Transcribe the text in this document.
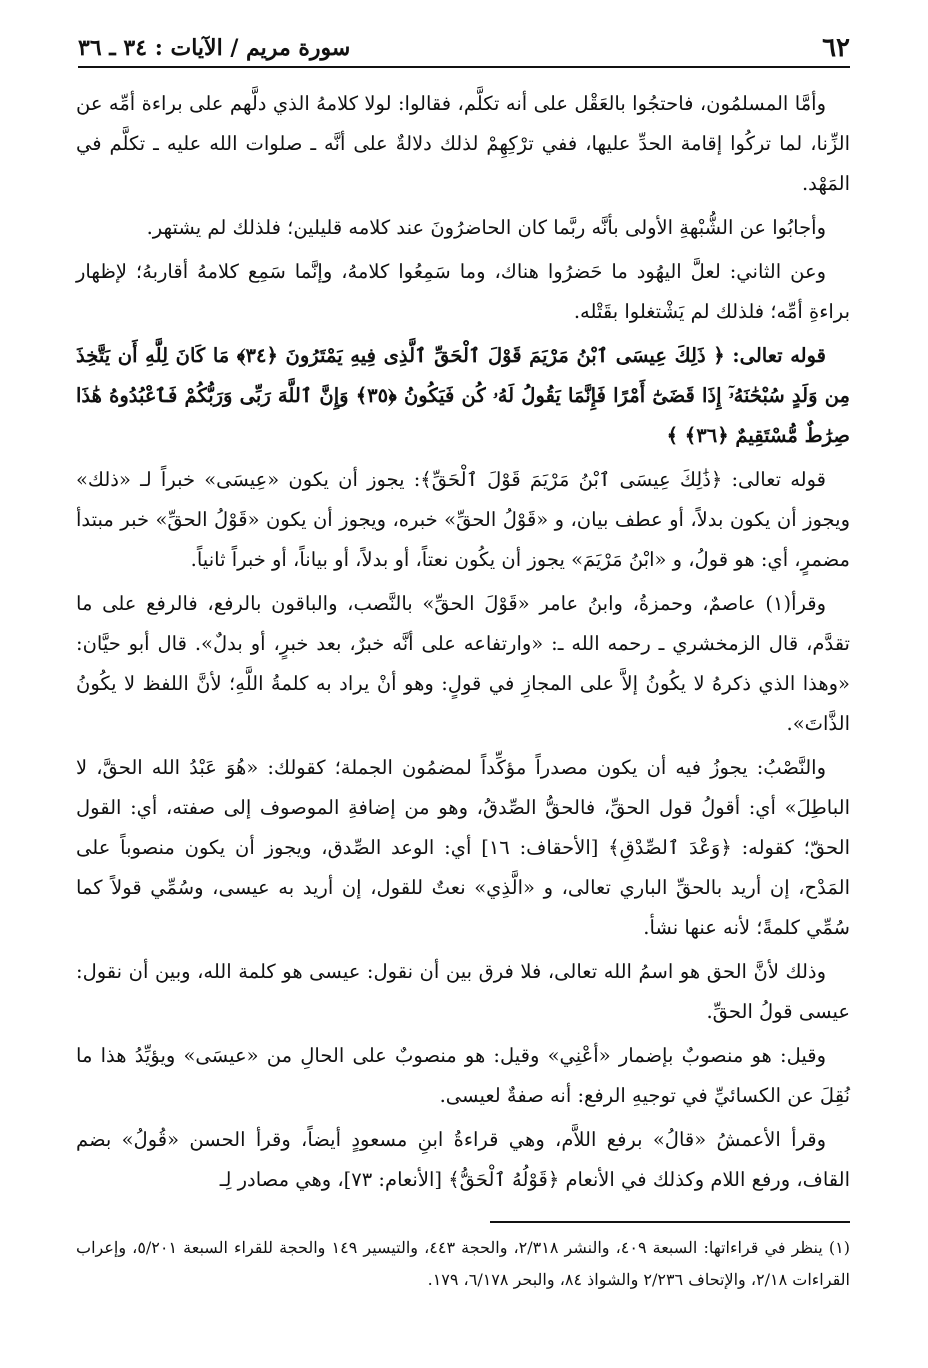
٦٢
سورة مريم / الآيات : ٣٤ ـ ٣٦

وأمَّا المسلمُون، فاحتجُوا بالعَقْل على أنه تكلَّم، فقالوا: لولا كلامهُ الذي دلَّهم على براءة أمِّه عن الزِّنا، لما تركُوا إقامة الحدِّ عليها، ففي ترْكِهِمْ لذلك دلالةٌ على أنَّه ـ صلوات الله عليه ـ تكلَّم في المَهْد.

وأجابُوا عن الشُّبْهةِ الأولى بأنَّه ربَّما كان الحاضرُونَ عند كلامه قليلين؛ فلذلك لم يشتهر.

وعن الثاني: لعلَّ اليهُود ما حَضرُوا هناك، وما سَمِعُوا كلامهُ، وإنَّما سَمِع كلامهُ أقاربهُ؛ لإظهار براءةِ أمِّه؛ فلذلك لم يَشْتغلوا بقَتْله.

قوله تعالى: ﴿ ذَلِكَ عِيسَى ٱبْنُ مَرْيَمَ قَوْلَ ٱلْحَقِّ ٱلَّذِى فِيهِ يَمْتَرُونَ ﴿٣٤﴾ مَا كَانَ لِلَّهِ أَن يَتَّخِذَ مِن وَلَدٍ سُبْحَٰنَهُۥٓ إِذَا قَضَىٰٓ أَمْرًا فَإِنَّمَا يَقُولُ لَهُۥ كُن فَيَكُونُ ﴿٣٥﴾ وَإِنَّ ٱللَّهَ رَبِّى وَرَبُّكُمْ فَٱعْبُدُوهُ هَٰذَا صِرَٰطٌ مُّسْتَقِيمٌ ﴿٣٦﴾ ﴾

قوله تعالى: ﴿ذَٰلِكَ عِيسَى ٱبْنُ مَرْيَمَ قَوْلَ ٱلْحَقِّ﴾: يجوز أن يكون «عِيسَى» خبراً لـ «ذلك» ويجوز أن يكون بدلاً، أو عطف بيان، و «قَوْلُ الحقِّ» خبره، ويجوز أن يكون «قَوْلُ الحقِّ» خبر مبتدأ مضمرٍ، أي: هو قولُ، و «ابْنُ مَرْيَمَ» يجوز أن يكُون نعتاً، أو بدلاً، أو بياناً، أو خبراً ثانياً.

وقرأ(١) عاصمٌ، وحمزةُ، وابنُ عامر «قَوْلَ الحقِّ» بالنَّصب، والباقون بالرفع، فالرفع على ما تقدَّم، قال الزمخشري ـ رحمه الله ـ: «وارتفاعه على أنَّه خبرٌ، بعد خبرٍ، أو بدلٌ». قال أبو حيَّان: «وهذا الذي ذكرهُ لا يكُونُ إلاَّ على المجازِ في قولٍ: وهو أنْ يراد به كلمةُ اللَّهِ؛ لأنَّ اللفظ لا يكُونُ الذَّاتَ».

والنَّصْبُ: يجوزُ فيه أن يكون مصدراً مؤكِّداً لمضمُون الجملة؛ كقولك: «هُوَ عَبْدُ الله الحقَّ، لا الباطِلَ» أي: أقولُ قول الحقِّ، فالحقُّ الصِّدقُ، وهو من إضافةِ الموصوف إلى صفته، أي: القول الحقّ؛ كقوله: ﴿وَعْدَ ٱلصِّدْقِ﴾ [الأحقاف: ١٦] أي: الوعد الصِّدق، ويجوز أن يكون منصوباً على المَدْح، إن أريد بالحقِّ الباري تعالى، و «الَّذِي» نعتٌ للقول، إن أريد به عيسى، وسُمِّي قولاً كما سُمِّي كلمةً؛ لأنه عنها نشأ.

وذلك لأنَّ الحق هو اسمُ الله تعالى، فلا فرق بين أن نقول: عيسى هو كلمة الله، وبين أن نقول: عيسى قولُ الحقِّ.

وقيل: هو منصوبٌ بإضمار «أعْنِي» وقيل: هو منصوبٌ على الحالِ من «عيسَى» ويؤيِّدُ هذا ما نُقِلَ عن الكسائيِّ في توجيهِ الرفع: أنه صفةٌ لعيسى.

وقرأ الأعمشُ «قالُ» برفع اللاَّم، وهي قراءةُ ابنِ مسعودٍ أيضاً، وقرأ الحسن «قُولُ» بضم القاف، ورفع اللام وكذلك في الأنعام ﴿قَوْلُهُ ٱلْحَقُّ﴾ [الأنعام: ٧٣]، وهي مصادر لِـ

(١) ينظر في قراءاتها: السبعة ٤٠٩، والنشر ٢/٣١٨، والحجة ٤٤٣، والتيسير ١٤٩ والحجة للقراء السبعة ٥/٢٠١، وإعراب القراءات ٢/١٨، والإتحاف ٢/٢٣٦ والشواذ ٨٤، والبحر ٦/١٧٨، ١٧٩.
